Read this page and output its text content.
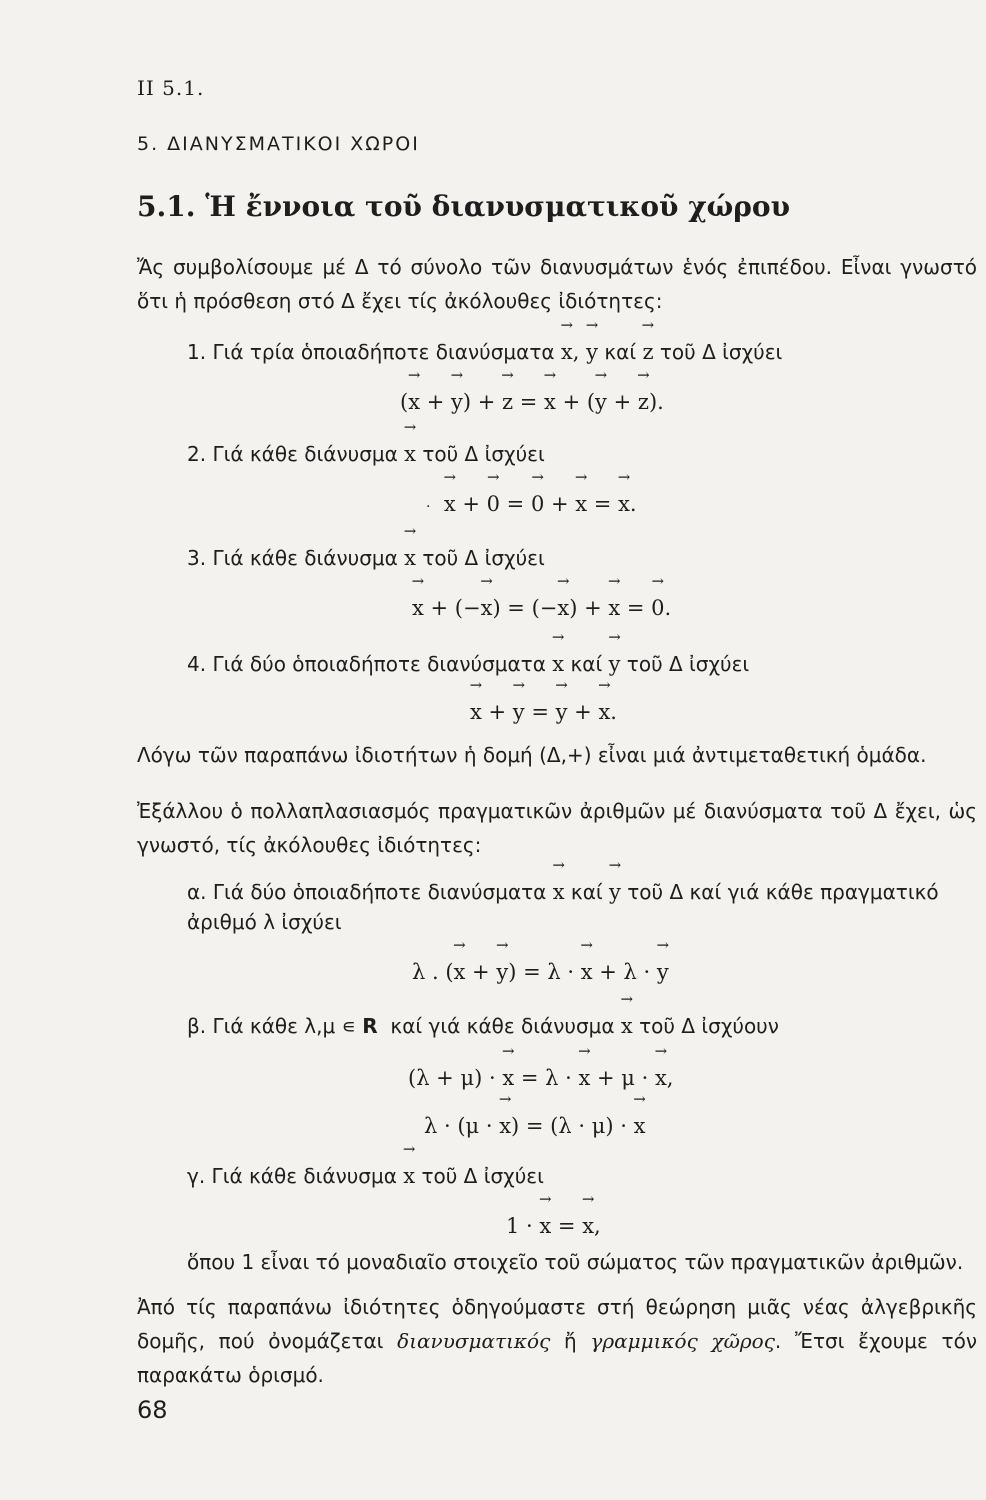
II 5.1.
5. ΔΙΑΝΥΣΜΑΤΙΚΟΙ ΧΩΡΟΙ
5.1. Ἡ ἔννοια τοῦ διανυσματικοῦ χώρου
Ἄς συμβολίσουμε μέ Δ τό σύνολο τῶν διανυσμάτων ἑνός ἐπιπέδου. Εἶναι γνωστό ὅτι ἡ πρόσθεση στό Δ ἔχει τίς ἀκόλουθες ἰδιότητες:
1. Γιά τρία ὁποιαδήποτε διανύσματα → x, → y καί → z τοῦ Δ ἰσχύει
(→ x + → y) + → z = → x + (→ y + → z).
2. Γιά κάθε διάνυσμα → x τοῦ Δ ἰσχύει
· → x + → 0 = → 0 + → x = → x.
3. Γιά κάθε διάνυσμα → x τοῦ Δ ἰσχύει
→ x + (−→ x) = (−→ x) + → x = → 0.
4. Γιά δύο ὁποιαδήποτε διανύσματα → x καί → y τοῦ Δ ἰσχύει
→ x + → y = → y + → x.
Λόγω τῶν παραπάνω ἰδιοτήτων ἡ δομή (Δ,+) εἶναι μιά ἀντιμεταθετική ὁμάδα.
Ἐξάλλου ὁ πολλαπλασιασμός πραγματικῶν ἀριθμῶν μέ διανύσματα τοῦ Δ ἔχει, ὡς γνωστό, τίς ἀκόλουθες ἰδιότητες:
α. Γιά δύο ὁποιαδήποτε διανύσματα → x καί → y τοῦ Δ καί γιά κάθε πραγματικό
ἀριθμό λ ἰσχύει
λ . (→ x + → y) = λ · → x + λ · → y
β. Γιά κάθε λ,μ ∊ R καί γιά κάθε διάνυσμα → x τοῦ Δ ἰσχύουν
(λ + μ) · → x = λ · → x + μ · → x,
λ · (μ · → x) = (λ · μ) · → x
γ. Γιά κάθε διάνυσμα → x τοῦ Δ ἰσχύει
1 · → x = → x,
ὅπου 1 εἶναι τό μοναδιαῖο στοιχεῖο τοῦ σώματος τῶν πραγματικῶν ἀριθμῶν.
Ἀπό τίς παραπάνω ἰδιότητες ὁδηγούμαστε στή θεώρηση μιᾶς νέας ἀλγεβρικῆς δομῆς, πού ὀνομάζεται διανυσματικός ἤ γραμμικός χῶρος. Ἔτσι ἔχουμε τόν παρακάτω ὁρισμό.
68
